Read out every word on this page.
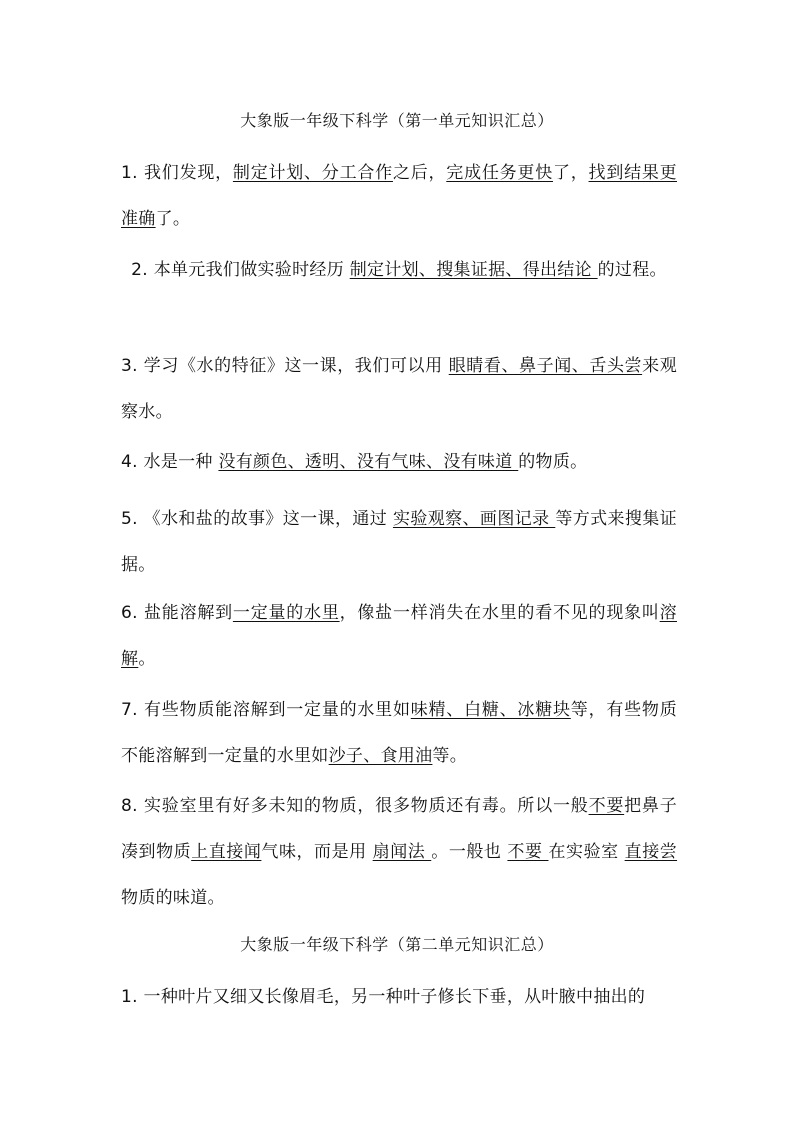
大象版一年级下科学（第一单元知识汇总）

1. 我们发现，制定计划、分工合作之后，完成任务更快了，找到结果更准确了。

2. 本单元我们做实验时经历 制定计划、搜集证据、得出结论 的过程。

3. 学习《水的特征》这一课，我们可以用 眼睛看、鼻子闻、舌头尝来观察水。

4. 水是一种 没有颜色、透明、没有气味、没有味道 的物质。

5. 《水和盐的故事》这一课，通过 实验观察、画图记录 等方式来搜集证据。

6. 盐能溶解到一定量的水里，像盐一样消失在水里的看不见的现象叫溶解。

7. 有些物质能溶解到一定量的水里如味精、白糖、冰糖块等，有些物质不能溶解到一定量的水里如沙子、食用油等。

8. 实验室里有好多未知的物质，很多物质还有毒。所以一般不要把鼻子凑到物质上直接闻气味，而是用 扇闻法 。一般也 不要 在实验室 直接尝 物质的味道。

大象版一年级下科学（第二单元知识汇总）

1. 一种叶片又细又长像眉毛，另一种叶子修长下垂，从叶腋中抽出的
